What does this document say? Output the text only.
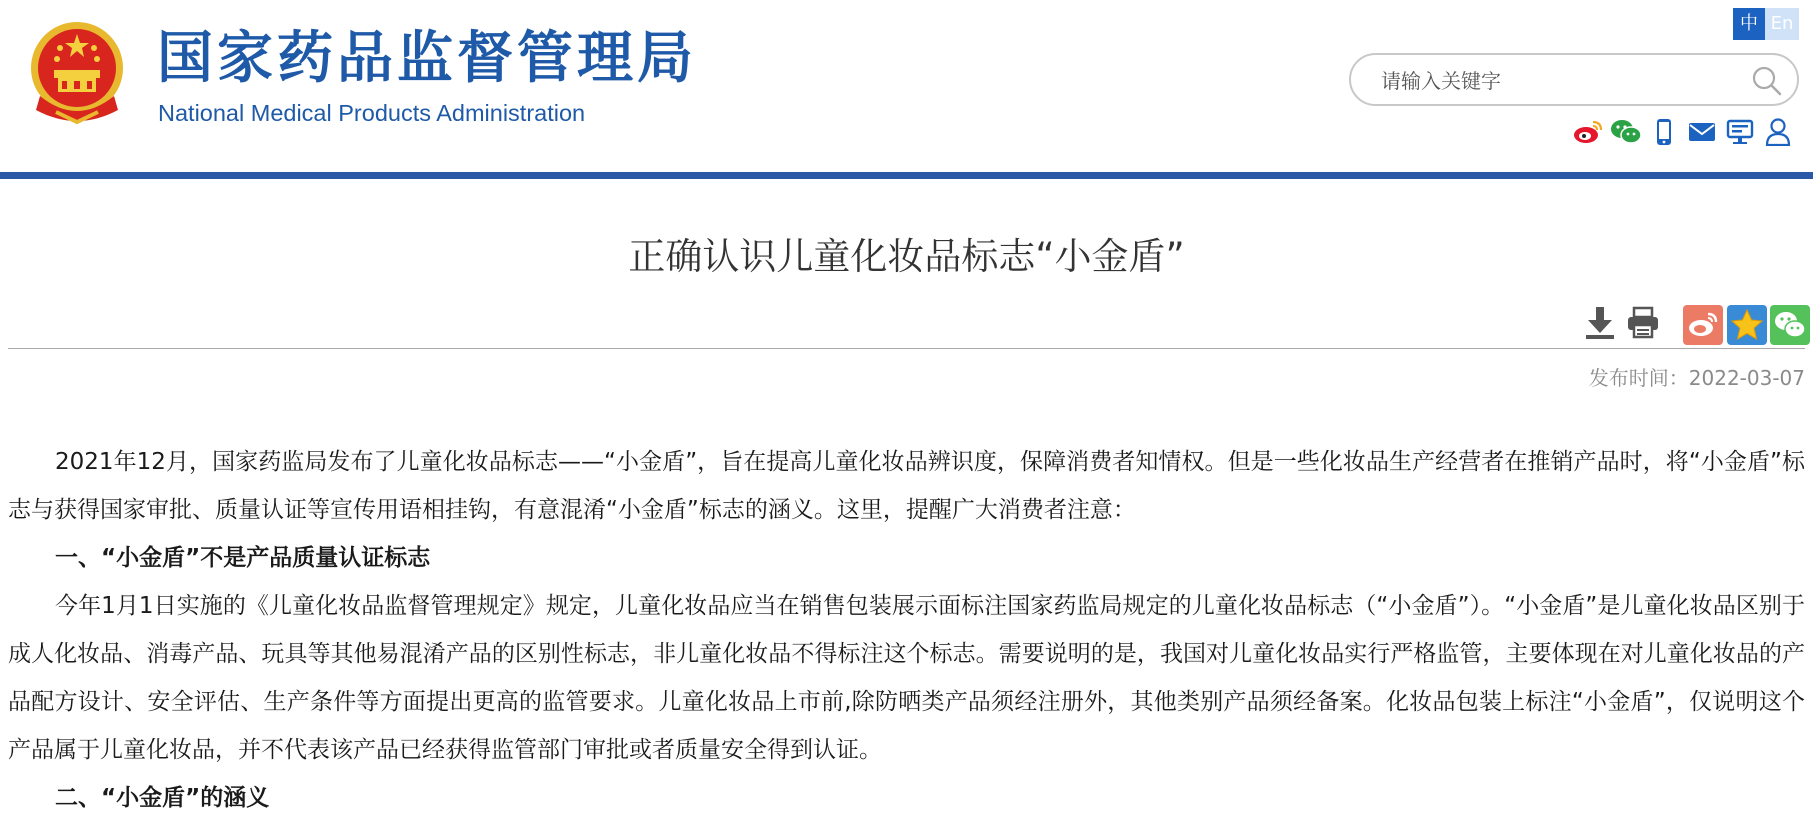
国家药品监督管理局
National Medical Products Administration
中 En
请输入关键字
正确认识儿童化妆品标志“小金盾”
发布时间：2022-03-07

2021年12月，国家药监局发布了儿童化妆品标志——“小金盾”，旨在提高儿童化妆品辨识度，保障消费者知情权。但是一些化妆品生产经营者在推销产品时，将“小金盾”标志与获得国家审批、质量认证等宣传用语相挂钩，有意混淆“小金盾”标志的涵义。这里，提醒广大消费者注意：

一、“小金盾”不是产品质量认证标志

今年1月1日实施的《儿童化妆品监督管理规定》规定，儿童化妆品应当在销售包装展示面标注国家药监局规定的儿童化妆品标志（“小金盾”）。“小金盾”是儿童化妆品区别于成人化妆品、消毒产品、玩具等其他易混淆产品的区别性标志，非儿童化妆品不得标注这个标志。需要说明的是，我国对儿童化妆品实行严格监管，主要体现在对儿童化妆品的产品配方设计、安全评估、生产条件等方面提出更高的监管要求。儿童化妆品上市前,除防晒类产品须经注册外，其他类别产品须经备案。化妆品包装上标注“小金盾”，仅说明这个产品属于儿童化妆品，并不代表该产品已经获得监管部门审批或者质量安全得到认证。

二、“小金盾”的涵义
